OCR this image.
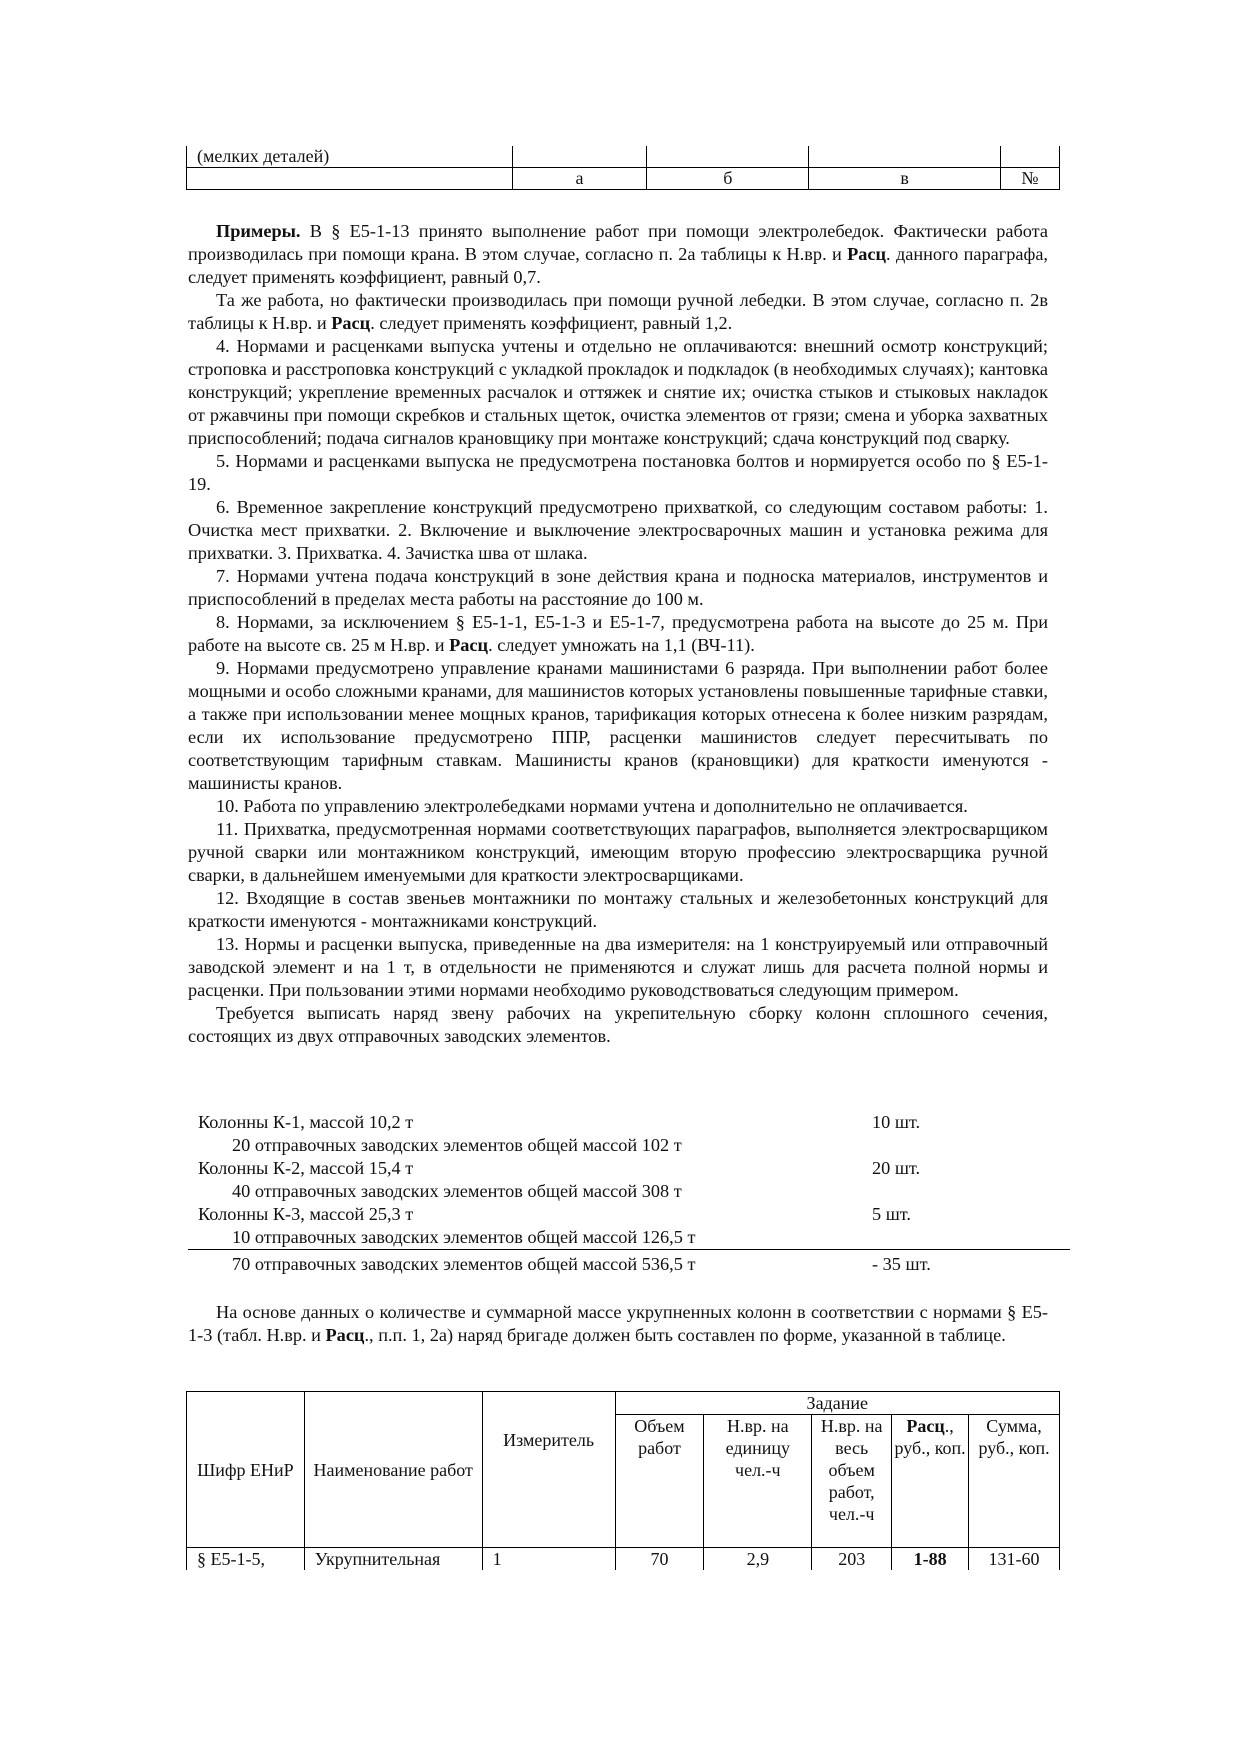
(мелких деталей)				
	а	б	в	№

Примеры. В § Е5-1-13 принято выполнение работ при помощи электролебедок. Фактически работа производилась при помощи крана. В этом случае, согласно п. 2а таблицы к Н.вр. и Расц. данного параграфа, следует применять коэффициент, равный 0,7.

Та же работа, но фактически производилась при помощи ручной лебедки. В этом случае, согласно п. 2в таблицы к Н.вр. и Расц. следует применять коэффициент, равный 1,2.

4. Нормами и расценками выпуска учтены и отдельно не оплачиваются: внешний осмотр конструкций; строповка и расстроповка конструкций с укладкой прокладок и подкладок (в необходимых случаях); кантовка конструкций; укрепление временных расчалок и оттяжек и снятие их; очистка стыков и стыковых накладок от ржавчины при помощи скребков и стальных щеток, очистка элементов от грязи; смена и уборка захватных приспособлений; подача сигналов крановщику при монтаже конструкций; сдача конструкций под сварку.

5. Нормами и расценками выпуска не предусмотрена постановка болтов и нормируется особо по § Е5-1-19.

6. Временное закрепление конструкций предусмотрено прихваткой, со следующим составом работы: 1. Очистка мест прихватки. 2. Включение и выключение электросварочных машин и установка режима для прихватки. 3. Прихватка. 4. Зачистка шва от шлака.

7. Нормами учтена подача конструкций в зоне действия крана и подноска материалов, инструментов и приспособлений в пределах места работы на расстояние до 100 м.

8. Нормами, за исключением § Е5-1-1, Е5-1-3 и Е5-1-7, предусмотрена работа на высоте до 25 м. При работе на высоте св. 25 м Н.вр. и Расц. следует умножать на 1,1 (ВЧ-11).

9. Нормами предусмотрено управление кранами машинистами 6 разряда. При выполнении работ более мощными и особо сложными кранами, для машинистов которых установлены повышенные тарифные ставки, а также при использовании менее мощных кранов, тарификация которых отнесена к более низким разрядам, если их использование предусмотрено ППР, расценки машинистов следует пересчитывать по соответствующим тарифным ставкам. Машинисты кранов (крановщики) для краткости именуются - машинисты кранов.

10. Работа по управлению электролебедками нормами учтена и дополнительно не оплачивается.

11. Прихватка, предусмотренная нормами соответствующих параграфов, выполняется электросварщиком ручной сварки или монтажником конструкций, имеющим вторую профессию электросварщика ручной сварки, в дальнейшем именуемыми для краткости электросварщиками.

12. Входящие в состав звеньев монтажники по монтажу стальных и железобетонных конструкций для краткости именуются - монтажниками конструкций.

13. Нормы и расценки выпуска, приведенные на два измерителя: на 1 конструируемый или отправочный заводской элемент и на 1 т, в отдельности не применяются и служат лишь для расчета полной нормы и расценки. При пользовании этими нормами необходимо руководствоваться следующим примером.

Требуется выписать наряд звену рабочих на укрепительную сборку колонн сплошного сечения, состоящих из двух отправочных заводских элементов.

Колонны К-1, массой 10,2 т	10 шт.
20 отправочных заводских элементов общей массой 102 т
Колонны К-2, массой 15,4 т	20 шт.
40 отправочных заводских элементов общей массой 308 т
Колонны К-3, массой 25,3 т	5 шт.
10 отправочных заводских элементов общей массой 126,5 т
70 отправочных заводских элементов общей массой 536,5 т	- 35 шт.

На основе данных о количестве и суммарной массе укрупненных колонн в соответствии с нормами § Е5-1-3 (табл. Н.вр. и Расц., п.п. 1, 2а) наряд бригаде должен быть составлен по форме, указанной в таблице.

Шифр ЕНиР	Наименование работ	Измеритель	Задание				
			Объем работ	Н.вр. на единицу чел.-ч	Н.вр. на весь объем работ, чел.-ч	Расц., руб., коп.	Сумма, руб., коп.
§ Е5-1-5,	Укрупнительная	1	70	2,9	203	1-88	131-60
